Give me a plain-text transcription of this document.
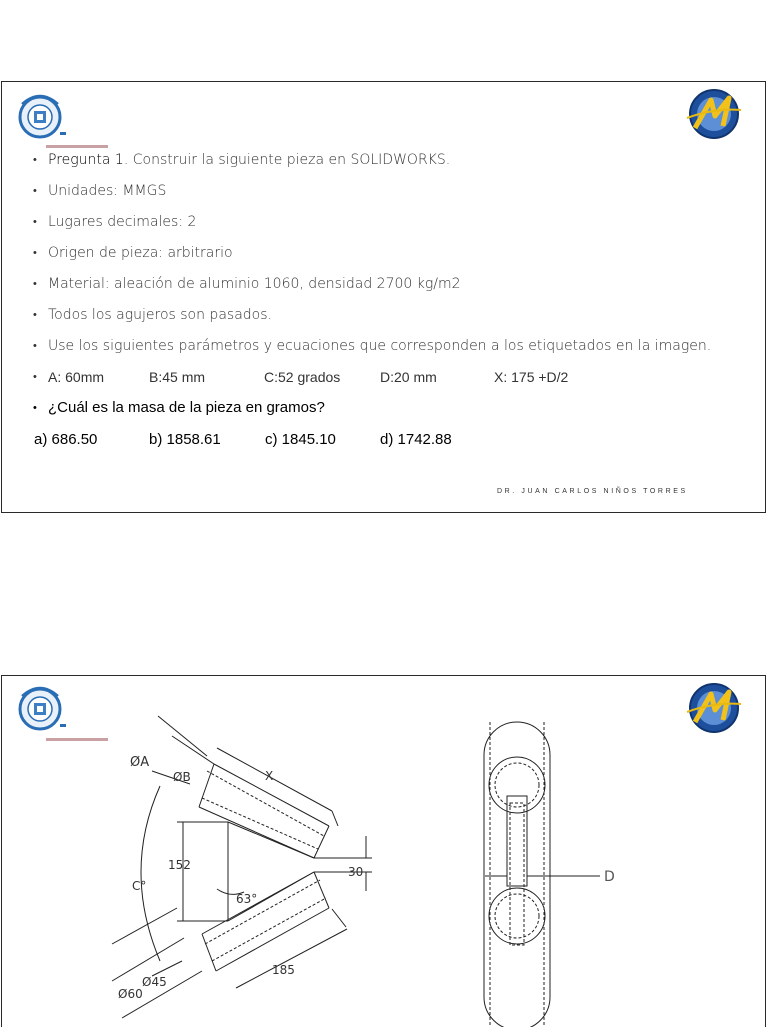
• Pregunta 1. Construir la siguiente pieza en SOLIDWORKS.
• Unidades: MMGS
• Lugares decimales: 2
• Origen de pieza: arbitrario
• Material: aleación de aluminio 1060, densidad 2700 kg/m2
• Todos los agujeros son pasados.
• Use los siguientes parámetros y ecuaciones que corresponden a los etiquetados en la imagen.
• A: 60mm	B:45 mm	C:52 grados	D:20 mm	X: 175 +D/2
• ¿Cuál es la masa de la pieza en gramos?
a) 686.50	b) 1858.61	c) 1845.10	d) 1742.88
DR. JUAN CARLOS NIÑOS TORRES
ØA
ØB	X
152	30
C°
63°
185
Ø45
Ø60
D
